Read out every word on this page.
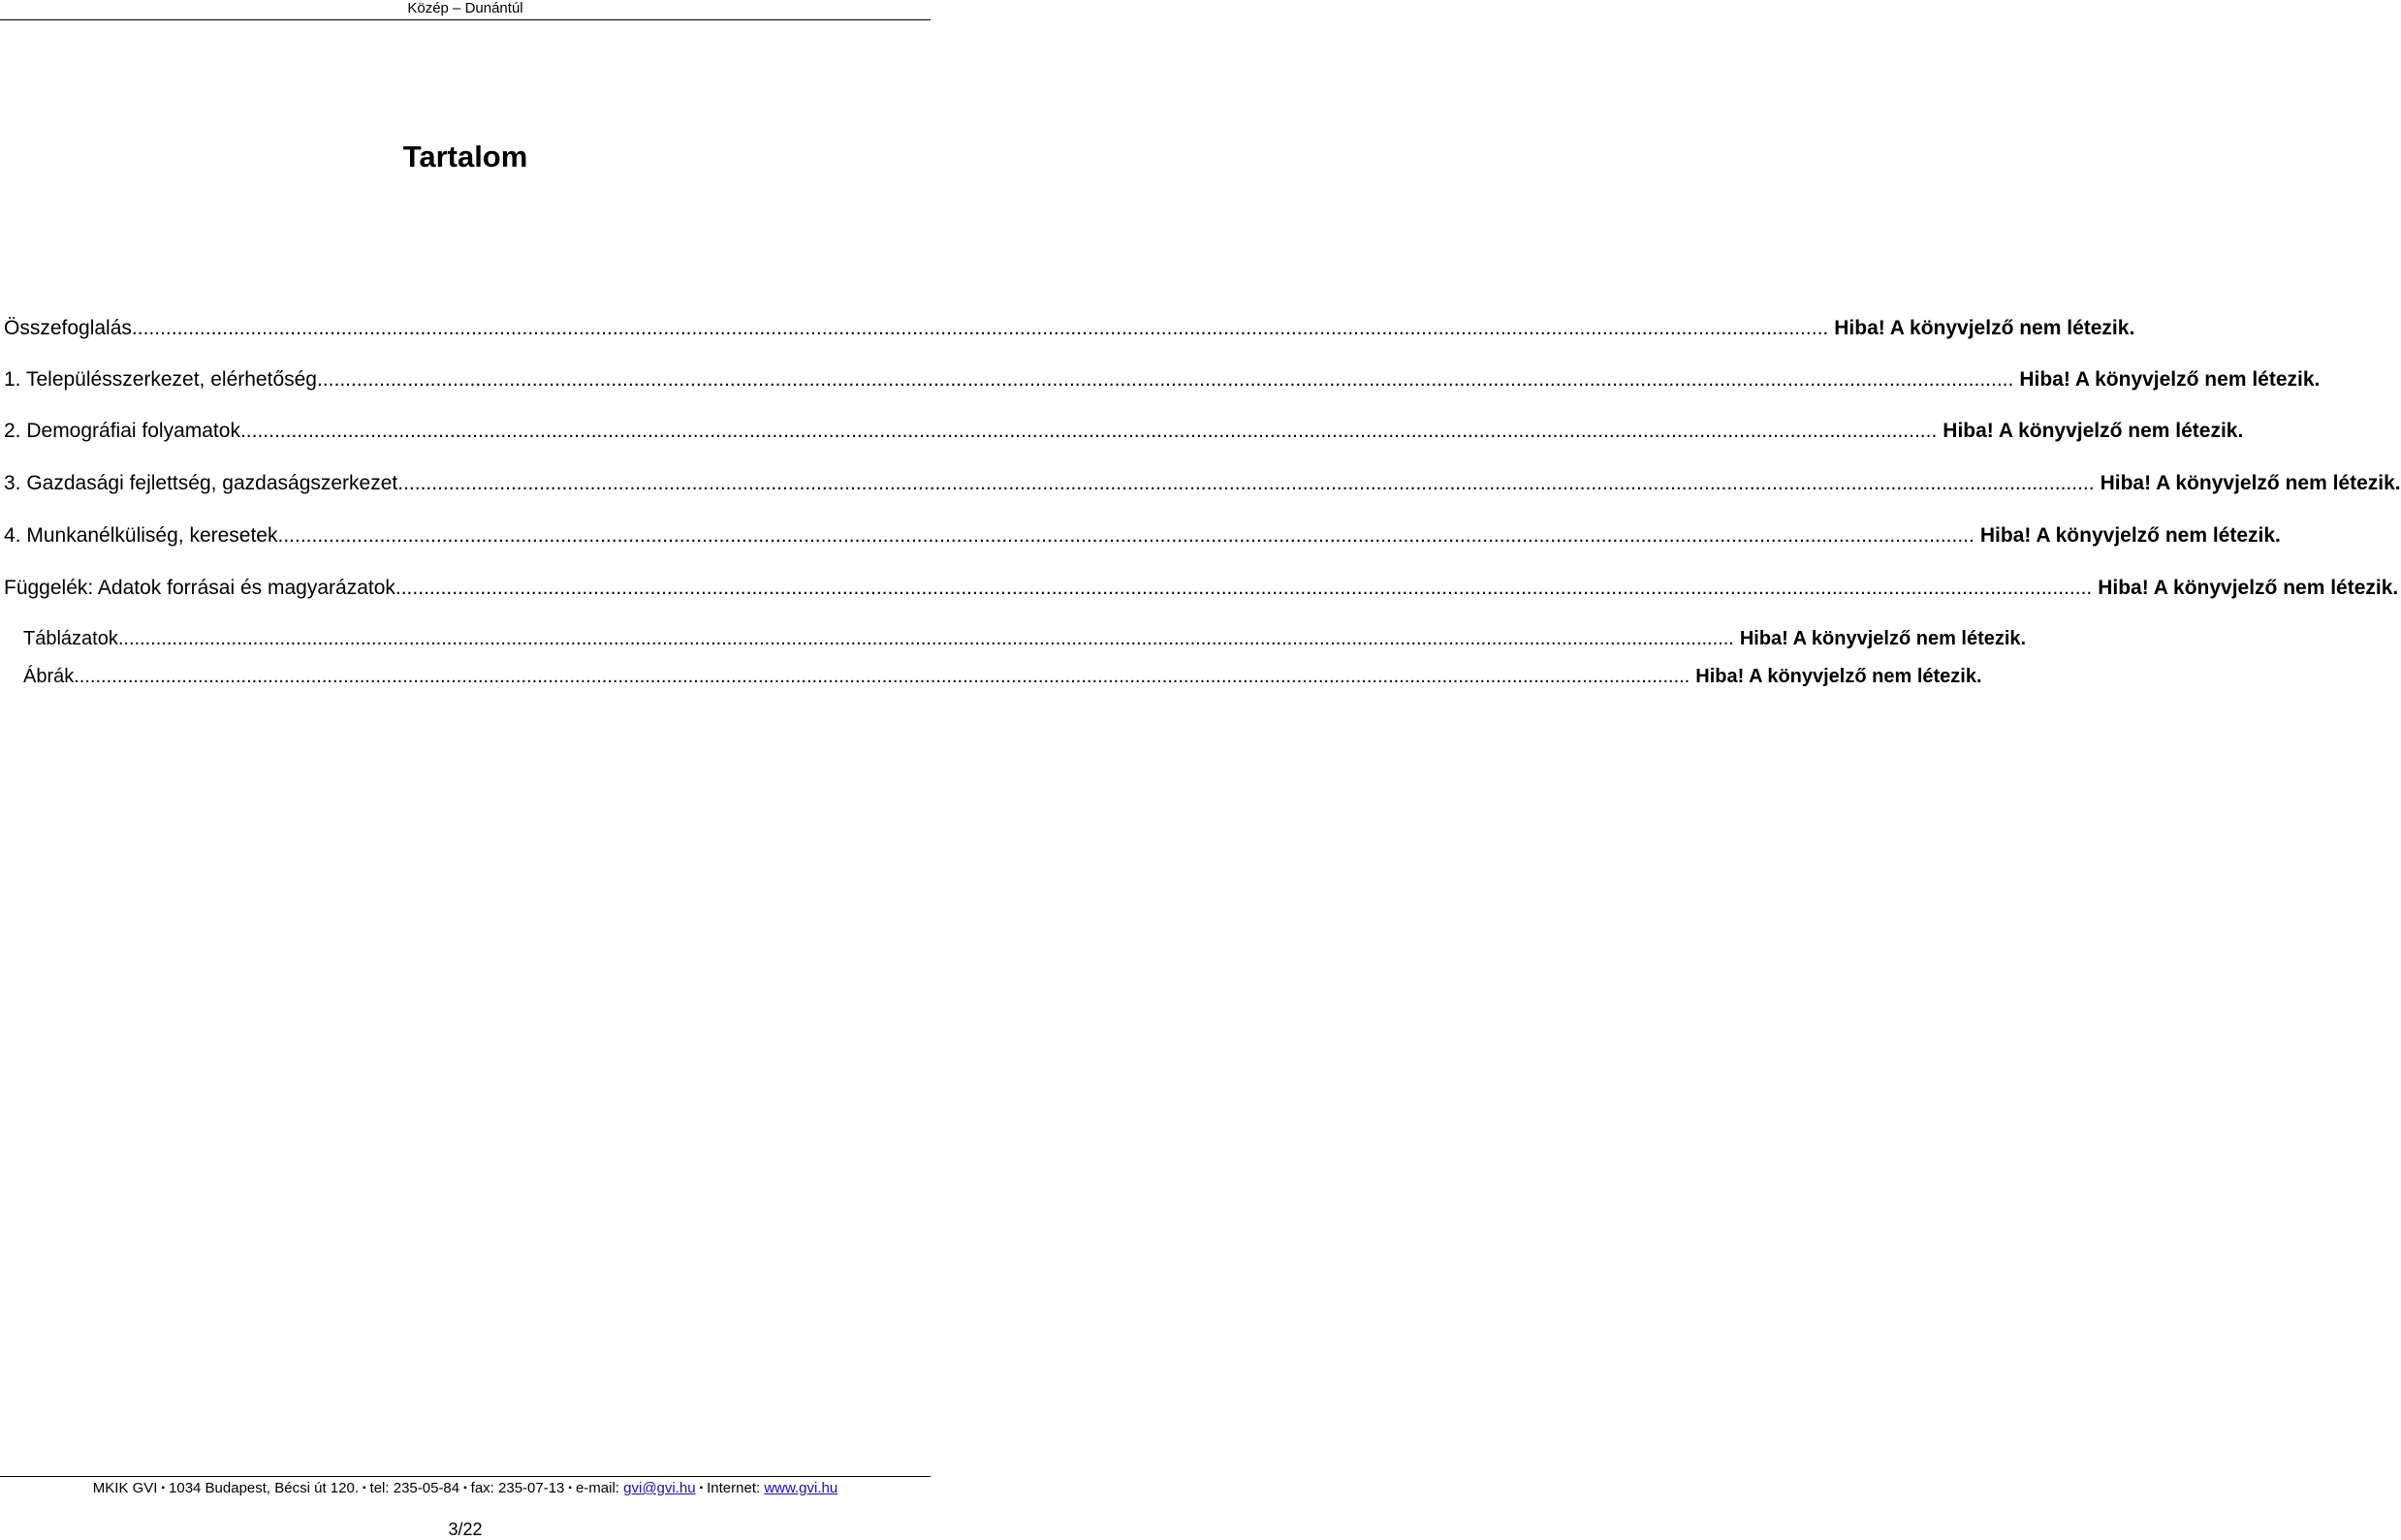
Közép – Dunántúl
Tartalom
Összefoglalás ............................................................................................................................................................................................................................................................................................................ Hiba! A könyvjelző nem létezik.
1. Településszerkezet, elérhetőség ............................................................................................................................................................................................................................................................................................................ Hiba! A könyvjelző nem létezik.
2. Demográfiai folyamatok ............................................................................................................................................................................................................................................................................................................ Hiba! A könyvjelző nem létezik.
3. Gazdasági fejlettség, gazdaságszerkezet ............................................................................................................................................................................................................................................................................................................ Hiba! A könyvjelző nem létezik.
4. Munkanélküliség, keresetek ............................................................................................................................................................................................................................................................................................................ Hiba! A könyvjelző nem létezik.
Függelék: Adatok forrásai és magyarázatok ............................................................................................................................................................................................................................................................................................................ Hiba! A könyvjelző nem létezik.
Táblázatok ............................................................................................................................................................................................................................................................................................................ Hiba! A könyvjelző nem létezik.
Ábrák ............................................................................................................................................................................................................................................................................................................ Hiba! A könyvjelző nem létezik.
MKIK GVI ▪ 1034 Budapest, Bécsi út 120. ▪ tel: 235-05-84 ▪ fax: 235-07-13 ▪ e-mail: gvi@gvi.hu ▪ Internet: www.gvi.hu
3/22
